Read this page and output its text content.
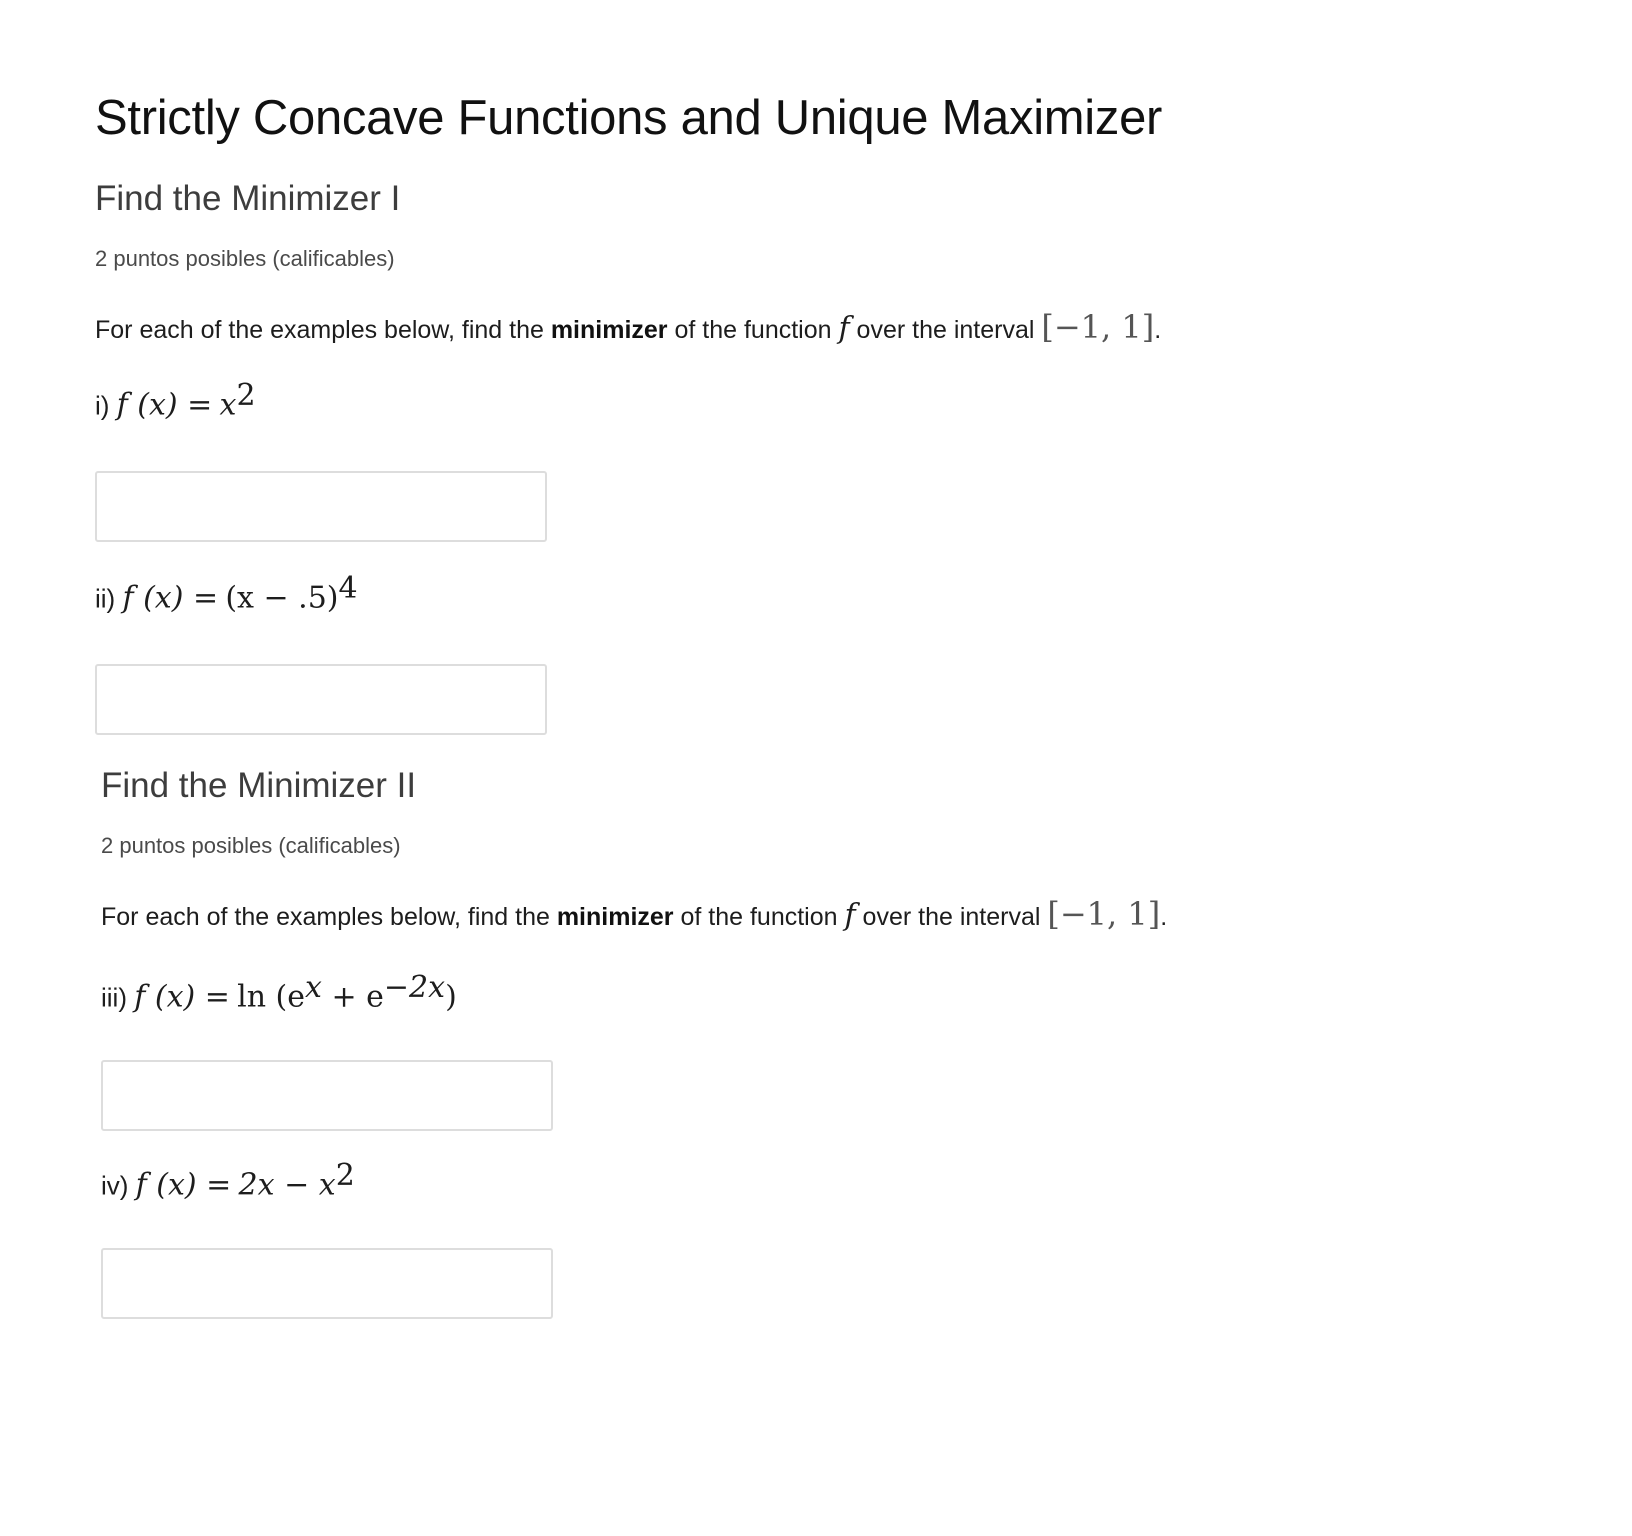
Strictly Concave Functions and Unique Maximizer
Find the Minimizer I
2 puntos posibles (calificables)
For each of the examples below, find the minimizer of the function f over the interval [−1, 1].
i) f $(x) = x^2$
ii) f $(x) = (x - .5)^4$
Find the Minimizer II
2 puntos posibles (calificables)
For each of the examples below, find the minimizer of the function f over the interval [−1, 1].
iii) f $(x) = \ln (e^x + e^{-2x})$
iv) f $(x) = 2x - x^2$
